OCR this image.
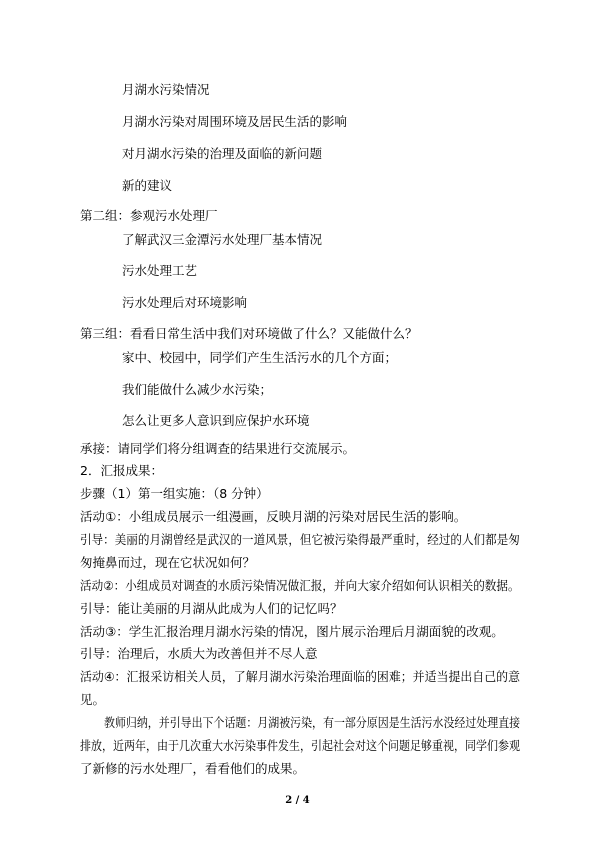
月湖水污染情况
月湖水污染对周围环境及居民生活的影响
对月湖水污染的治理及面临的新问题
新的建议
第二组：参观污水处理厂
了解武汉三金潭污水处理厂基本情况
污水处理工艺
污水处理后对环境影响
第三组：看看日常生活中我们对环境做了什么？又能做什么？
家中、校园中，同学们产生生活污水的几个方面；
我们能做什么减少水污染；
怎么让更多人意识到应保护水环境
承接：请同学们将分组调查的结果进行交流展示。
2．汇报成果：
步骤（1）第一组实施：（8 分钟）
活动①：小组成员展示一组漫画，反映月湖的污染对居民生活的影响。
引导：美丽的月湖曾经是武汉的一道风景，但它被污染得最严重时，经过的人们都是匆
匆掩鼻而过，现在它状况如何？
活动②：小组成员对调查的水质污染情况做汇报，并向大家介绍如何认识相关的数据。
引导：能让美丽的月湖从此成为人们的记忆吗？
活动③：学生汇报治理月湖水污染的情况，图片展示治理后月湖面貌的改观。
引导：治理后，水质大为改善但并不尽人意
活动④：汇报采访相关人员，了解月湖水污染治理面临的困难；并适当提出自己的意
见。
教师归纳，并引导出下个话题：月湖被污染，有一部分原因是生活污水没经过处理直接
排放，近两年，由于几次重大水污染事件发生，引起社会对这个问题足够重视，同学们参观
了新修的污水处理厂，看看他们的成果。
2 / 4
